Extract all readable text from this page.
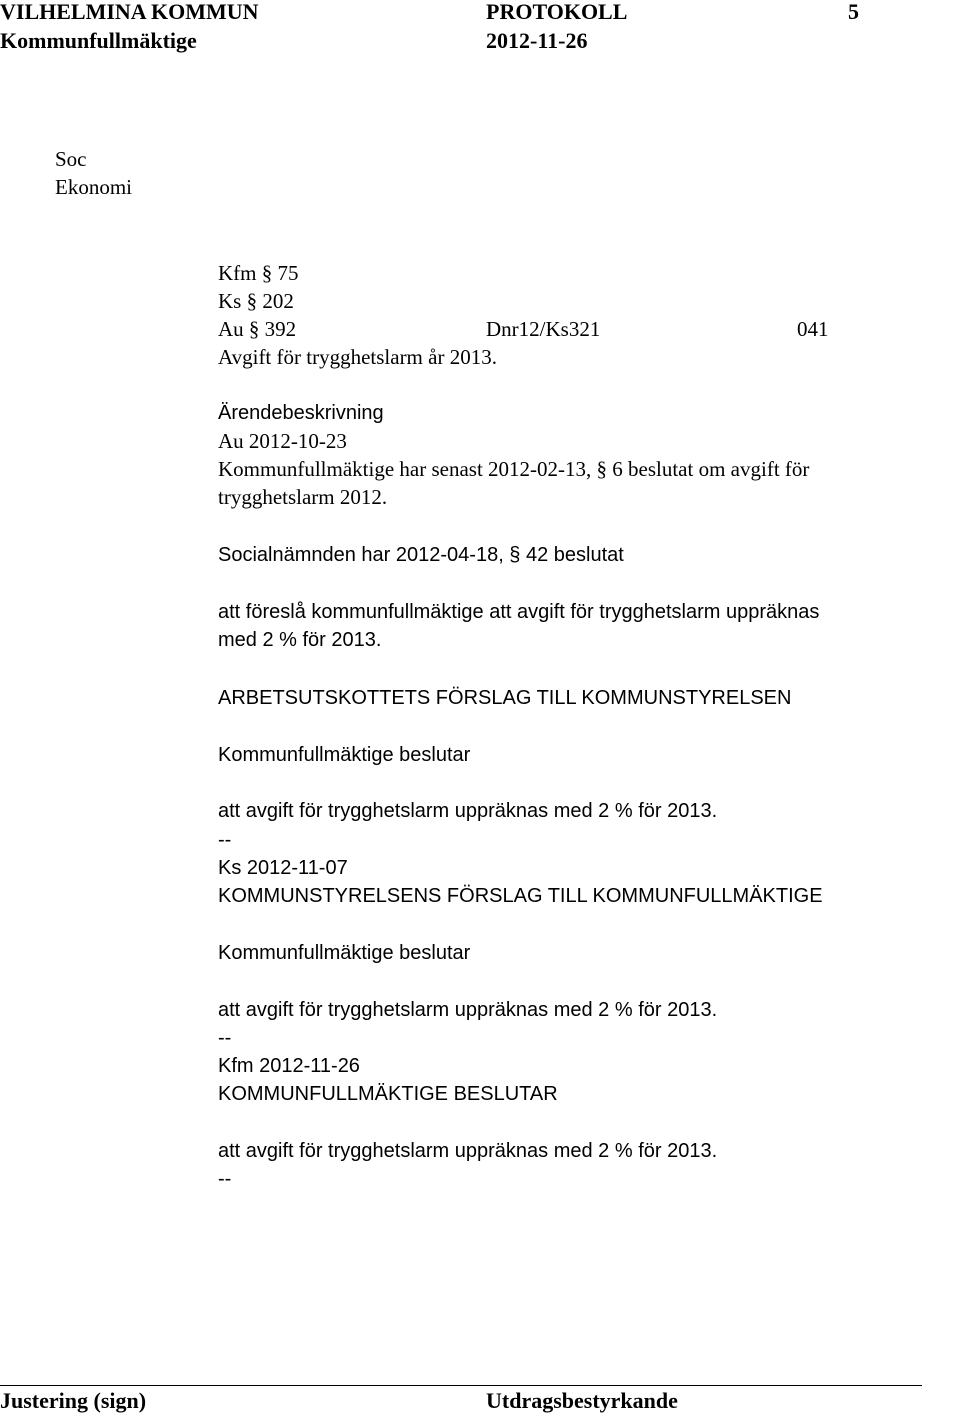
VILHELMINA KOMMUN	PROTOKOLL	5
Kommunfullmäktige	2012-11-26
Soc
Ekonomi
Kfm § 75
Ks § 202
Au § 392	Dnr12/Ks321	041
Avgift för trygghetslarm år 2013.
Ärendebeskrivning
Au 2012-10-23
Kommunfullmäktige har senast 2012-02-13, § 6 beslutat om avgift för
trygghetslarm 2012.
Socialnämnden har 2012-04-18, § 42 beslutat
att föreslå kommunfullmäktige att avgift för trygghetslarm uppräknas
med 2 % för 2013.
ARBETSUTSKOTTETS FÖRSLAG TILL KOMMUNSTYRELSEN
Kommunfullmäktige beslutar
att avgift för trygghetslarm uppräknas med 2 % för 2013.
--
Ks 2012-11-07
KOMMUNSTYRELSENS FÖRSLAG TILL KOMMUNFULLMÄKTIGE
Kommunfullmäktige beslutar
att avgift för trygghetslarm uppräknas med 2 % för 2013.
--
Kfm 2012-11-26
KOMMUNFULLMÄKTIGE BESLUTAR
att avgift för trygghetslarm uppräknas med 2 % för 2013.
--
Justering (sign)	Utdragsbestyrkande
